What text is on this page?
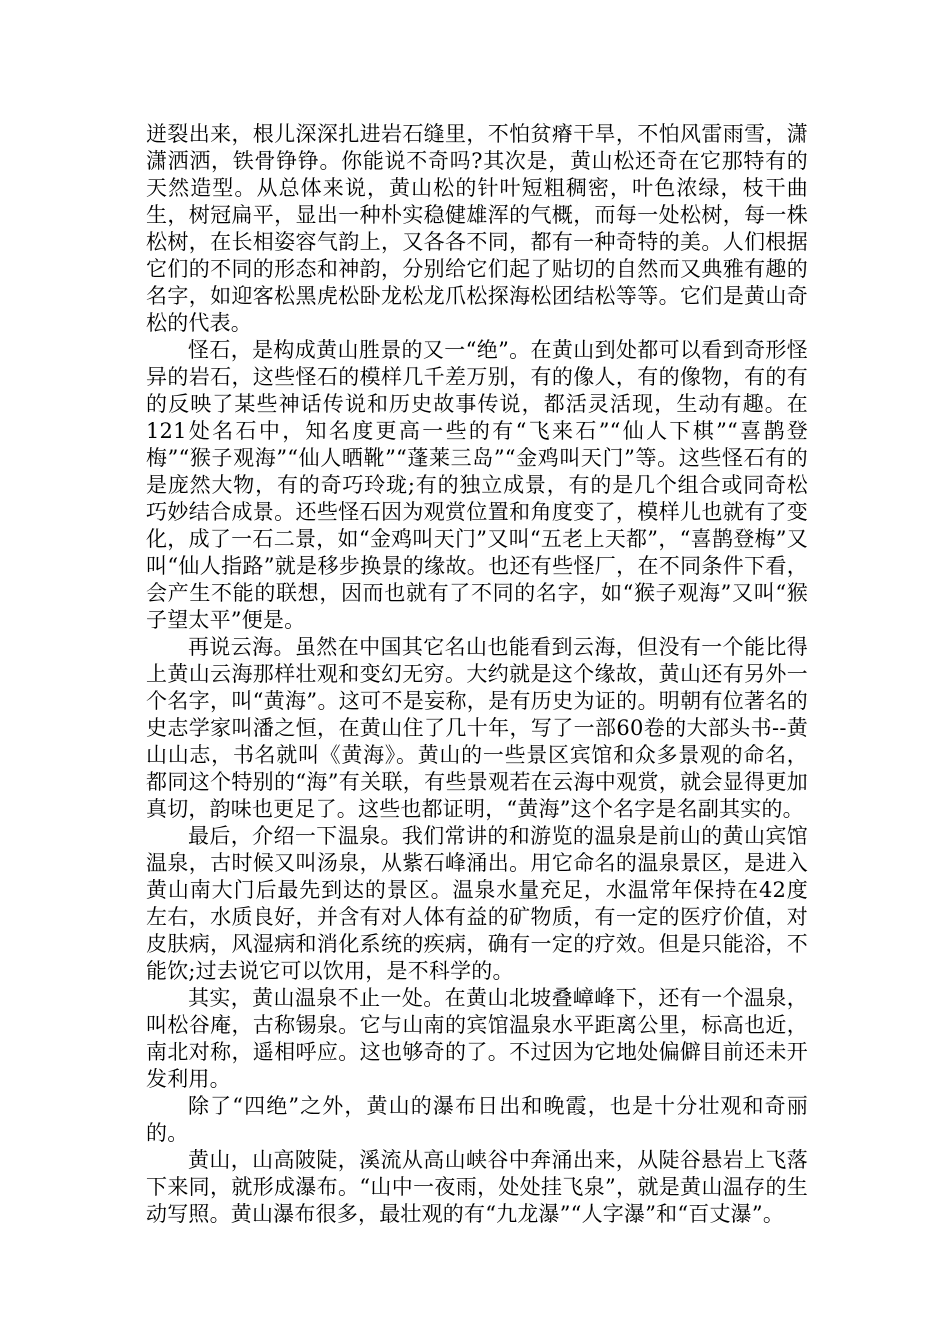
迸裂出来，根儿深深扎进岩石缝里，不怕贫瘠干旱，不怕风雷雨雪，潇潇洒洒，铁骨铮铮。你能说不奇吗?其次是，黄山松还奇在它那特有的天然造型。从总体来说，黄山松的针叶短粗稠密，叶色浓绿，枝干曲生，树冠扁平，显出一种朴实稳健雄浑的气概，而每一处松树，每一株松树，在长相姿容气韵上，又各各不同，都有一种奇特的美。人们根据它们的不同的形态和神韵，分别给它们起了贴切的自然而又典雅有趣的名字，如迎客松黑虎松卧龙松龙爪松探海松团结松等等。它们是黄山奇松的代表。

怪石，是构成黄山胜景的又一“绝”。在黄山到处都可以看到奇形怪异的岩石，这些怪石的模样几千差万别，有的像人，有的像物，有的有的反映了某些神话传说和历史故事传说，都活灵活现，生动有趣。在121处名石中，知名度更高一些的有“飞来石”“仙人下棋”“喜鹊登梅”“猴子观海”“仙人晒靴”“蓬莱三岛”“金鸡叫天门”等。这些怪石有的是庞然大物，有的奇巧玲珑;有的独立成景，有的是几个组合或同奇松巧妙结合成景。还些怪石因为观赏位置和角度变了，模样儿也就有了变化，成了一石二景，如“金鸡叫天门”又叫“五老上天都”，“喜鹊登梅”又叫“仙人指路”就是移步换景的缘故。也还有些怪厂，在不同条件下看，会产生不能的联想，因而也就有了不同的名字，如“猴子观海”又叫“猴子望太平”便是。

再说云海。虽然在中国其它名山也能看到云海，但没有一个能比得上黄山云海那样壮观和变幻无穷。大约就是这个缘故，黄山还有另外一个名字，叫“黄海”。这可不是妄称，是有历史为证的。明朝有位著名的史志学家叫潘之恒，在黄山住了几十年，写了一部60卷的大部头书--黄山山志，书名就叫《黄海》。黄山的一些景区宾馆和众多景观的命名，都同这个特别的“海”有关联，有些景观若在云海中观赏，就会显得更加真切，韵味也更足了。这些也都证明，“黄海”这个名字是名副其实的。

最后，介绍一下温泉。我们常讲的和游览的温泉是前山的黄山宾馆温泉，古时候又叫汤泉，从紫石峰涌出。用它命名的温泉景区，是进入黄山南大门后最先到达的景区。温泉水量充足，水温常年保持在42度左右，水质良好，并含有对人体有益的矿物质，有一定的医疗价值，对皮肤病，风湿病和消化系统的疾病，确有一定的疗效。但是只能浴，不能饮;过去说它可以饮用，是不科学的。

其实，黄山温泉不止一处。在黄山北坡叠嶂峰下，还有一个温泉，叫松谷庵，古称锡泉。它与山南的宾馆温泉水平距离公里，标高也近，南北对称，遥相呼应。这也够奇的了。不过因为它地处偏僻目前还未开发利用。

除了“四绝”之外，黄山的瀑布日出和晚霞，也是十分壮观和奇丽的。

黄山，山高陂陡，溪流从高山峡谷中奔涌出来，从陡谷悬岩上飞落下来同，就形成瀑布。“山中一夜雨，处处挂飞泉”，就是黄山温存的生动写照。黄山瀑布很多，最壮观的有“九龙瀑”“人字瀑”和“百丈瀑”。
